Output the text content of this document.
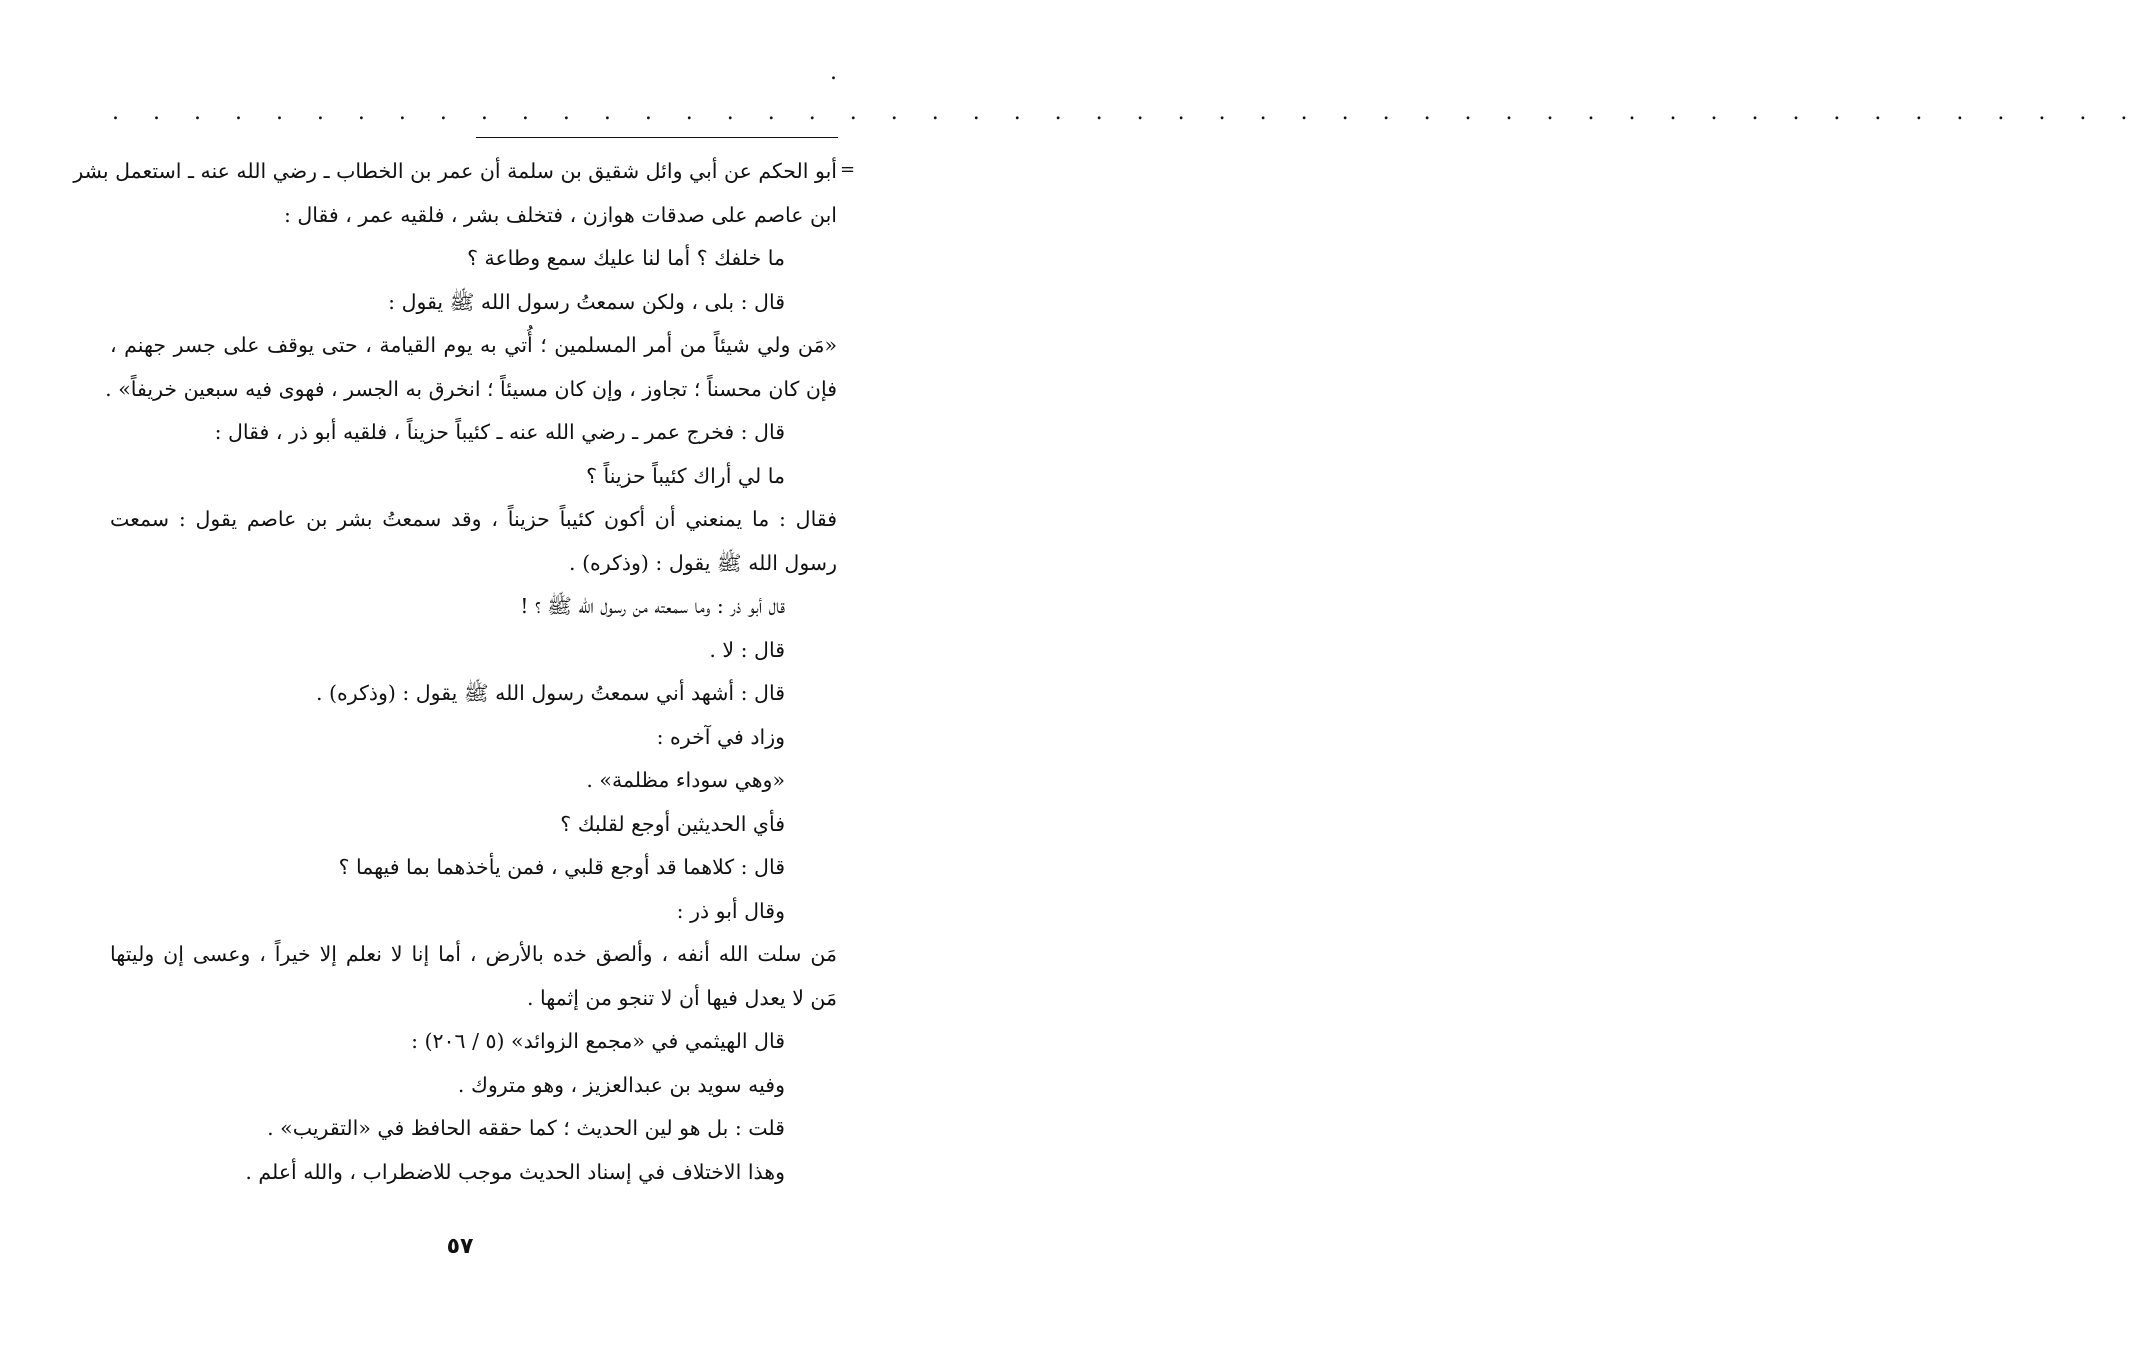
.
. . . . . . . . . . . . . . . . . . . . . . . . . . . . . . . . . . . . . . . . . . . . . . . . . .
=
أبو الحكم عن أبي وائل شقيق بن سلمة أن عمر بن الخطاب ـ رضي الله عنه ـ استعمل بشر
ابن عاصم على صدقات هوازن ، فتخلف بشر ، فلقيه عمر ، فقال :
ما خلفك ؟ أما لنا عليك سمع وطاعة ؟
قال : بلى ، ولكن سمعتُ رسول الله ﷺ يقول :
«مَن ولي شيئاً من أمر المسلمين ؛ أُتي به يوم القيامة ، حتى يوقف على جسر جهنم ،
فإن كان محسناً ؛ تجاوز ، وإن كان مسيئاً ؛ انخرق به الجسر ، فهوى فيه سبعين خريفاً» .
قال : فخرج عمر ـ رضي الله عنه ـ كئيباً حزيناً ، فلقيه أبو ذر ، فقال :
ما لي أراك كئيباً حزيناً ؟
فقال : ما يمنعني أن أكون كئيباً حزيناً ، وقد سمعتُ بشر بن عاصم يقول : سمعت
رسول الله ﷺ يقول : (وذكره) .
قال أبو ذر : وما سمعته من رسول الله ﷺ ؟ !
قال : لا .
قال : أشهد أني سمعتُ رسول الله ﷺ يقول : (وذكره) .
وزاد في آخره :
«وهي سوداء مظلمة» .
فأي الحديثين أوجع لقلبك ؟
قال : كلاهما قد أوجع قلبي ، فمن يأخذهما بما فيهما ؟
وقال أبو ذر :
مَن سلت الله أنفه ، وألصق خده بالأرض ، أما إنا لا نعلم إلا خيراً ، وعسى إن وليتها
مَن لا يعدل فيها أن لا تنجو من إثمها .
قال الهيثمي في «مجمع الزوائد» (٥ / ٢٠٦) :
وفيه سويد بن عبدالعزيز ، وهو متروك .
قلت : بل هو لين الحديث ؛ كما حققه الحافظ في «التقريب» .
وهذا الاختلاف في إسناد الحديث موجب للاضطراب ، والله أعلم .
٥٧
